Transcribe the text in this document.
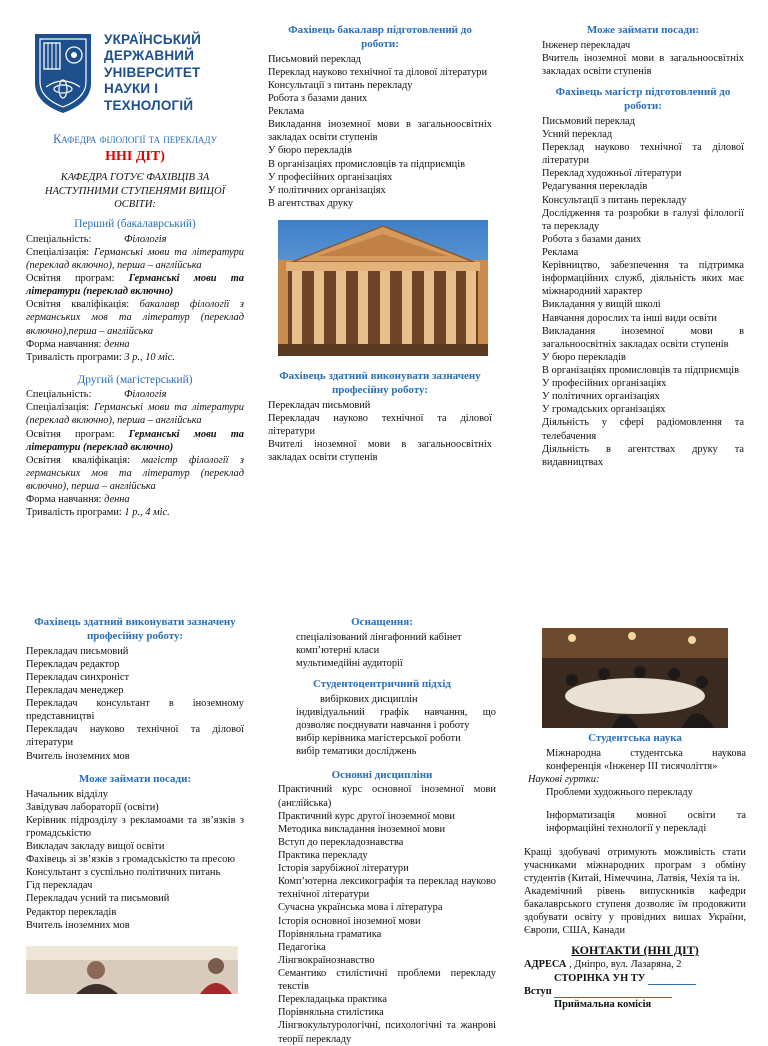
УКРАЇНСЬКИЙ
ДЕРЖАВНИЙ
УНІВЕРСИТЕТ
НАУКИ І ТЕХНОЛОГІЙ
Кафедра філології та перекладу
ННІ ДІТ)
КАФЕДРА ГОТУЄ ФАХІВЦІВ ЗА НАСТУПНИМИ СТУПЕНЯМИ ВИЩОЇ ОСВІТИ:
Перший (бакалаврський)
Спеціальність:	Філологія
Спеціалізація: Германські мови та літератури (переклад включно), перша – англійська
Освітня програм: Германські мови та літератури (переклад включно)
Освітня кваліфікація: бакалавр філології з германських мов та літератур (переклад включно),перша – англійська
Форма навчання: денна
Тривалість програми: 3 р., 10 міс.
Другий (магістерський)
Спеціальність:	Філологія
Спеціалізація: Германські мови та літератури (переклад включно), перша – англійська
Освітня програм: Германські мови та літератури (переклад включно)
Освітня кваліфікація: магістр філології з германських мов та літератур (переклад включно), перша – англійська
Форма навчання: денна
Тривалість програми: 1 р., 4 міс.
Фахівець бакалавр підготовлений до роботи:
Письмовий переклад
Переклад науково технічної та ділової літератури
Консультації з питань перекладу
Робота з базами даних
Реклама
Викладання іноземної мови в загальноосвітніх закладах освіти ступенів
У бюро перекладів
В організаціях промисловців та підприємців
У професійних організаціях
У політичних організаціях
В агентствах друку
Фахівець здатний виконувати зазначену професійну роботу:
Перекладач письмовий
Перекладач науково технічної та ділової літератури
Вчителі іноземної мови в загальноосвітніх закладах освіти ступенів
Може займати посади:
Інженер перекладач
Вчитель іноземної мови в загальноосвітніх закладах освіти ступенів
Фахівець магістр підготовлений до роботи:
Письмовий переклад
Усний переклад
Переклад науково технічної та ділової літератури
Переклад художньої літератури
Редагування перекладів
Консультації з питань перекладу
Дослідження та розробки в галузі філології та перекладу
Робота з базами даних
Реклама
Керівництво, забезпечення та підтримка інформаційних служб, діяльність яких має міжнародний характер
Викладання у вищій школі
Навчання дорослих та інші види освіти
Викладання іноземної мови в загальноосвітніх закладах освіти ступенів
У бюро перекладів
В організаціях промисловців та підприємців
У професійних організаціях
У політичних організаціях
У громадських організаціях
Діяльність у сфері радіомовлення та телебачення
Діяльність в агентствах друку та видавництвах
Фахівець здатний виконувати зазначену професійну роботу:
Перекладач письмовий
Перекладач редактор
Перекладач синхроніст
Перекладач менеджер
Перекладач консультант в іноземному представництві
Перекладач науково технічної та ділової літератури
Вчитель іноземних мов
Може займати посади:
Начальник відділу
Завідувач лабораторії (освіти)
Керівник підрозділу з рекламоами та зв’язків з громадськістю
Викладач закладу вищої освіти
Фахівець зі зв’язків з громадськістю та пресою
Консультант з суспільно політичних питань
Гід перекладач
Перекладач усний та письмовий
Редактор перекладів
Вчитель іноземних мов
Оснащення:
спеціалізований лінгафонний кабінет
комп’ютерні класи
мультимедійні аудиторії
Студентоцентричний підхід
вибіркових дисциплін
індивідуальний графік навчання, що дозволяє поєднувати навчання і роботу
вибір керівника магістерської роботи
вибір тематики досліджень
Основні дисципліни
Практичний курс основної іноземної мови (англійська)
Практичний курс другої іноземної мови
Методика викладання іноземної мови
Вступ до перекладознавства
Практика перекладу
Історія зарубіжної літератури
Комп’ютерна лексикографія та переклад науково технічної літератури
Сучасна українська мова і література
Історія основної іноземної мови
Порівняльна граматика
Педагогіка
Лінгвокраїнознавство
Семантико стилістичні проблеми перекладу текстів
Перекладацька практика
Порівняльна стилістика
Лінгвокультурологічні, психологічні та жанрові теорії перекладу
Студентська наука
Міжнародна студентська наукова конференція «Інженер ІІІ тисячоліття»
Наукові гуртки:
Проблеми художнього перекладу
Інформатизація мовної освіти та інформаційні технології у перекладі
Кращі здобувачі отримують можливість стати учасниками міжнародних програм з обміну студентів (Китай, Німеччина, Латвія, Чехія та ін.
Академічний рівень випускників кафедри бакалаврського ступеня дозволяє їм продовжити здобувати освіту у провідних вишах України, Європи, США, Канади
КОНТАКТИ (ННІ ДІТ)
АДРЕСА , Дніпро, вул. Лазаряна, 2
СТОРІНКА УН ТУ
Вступ
Приймальна комісія
